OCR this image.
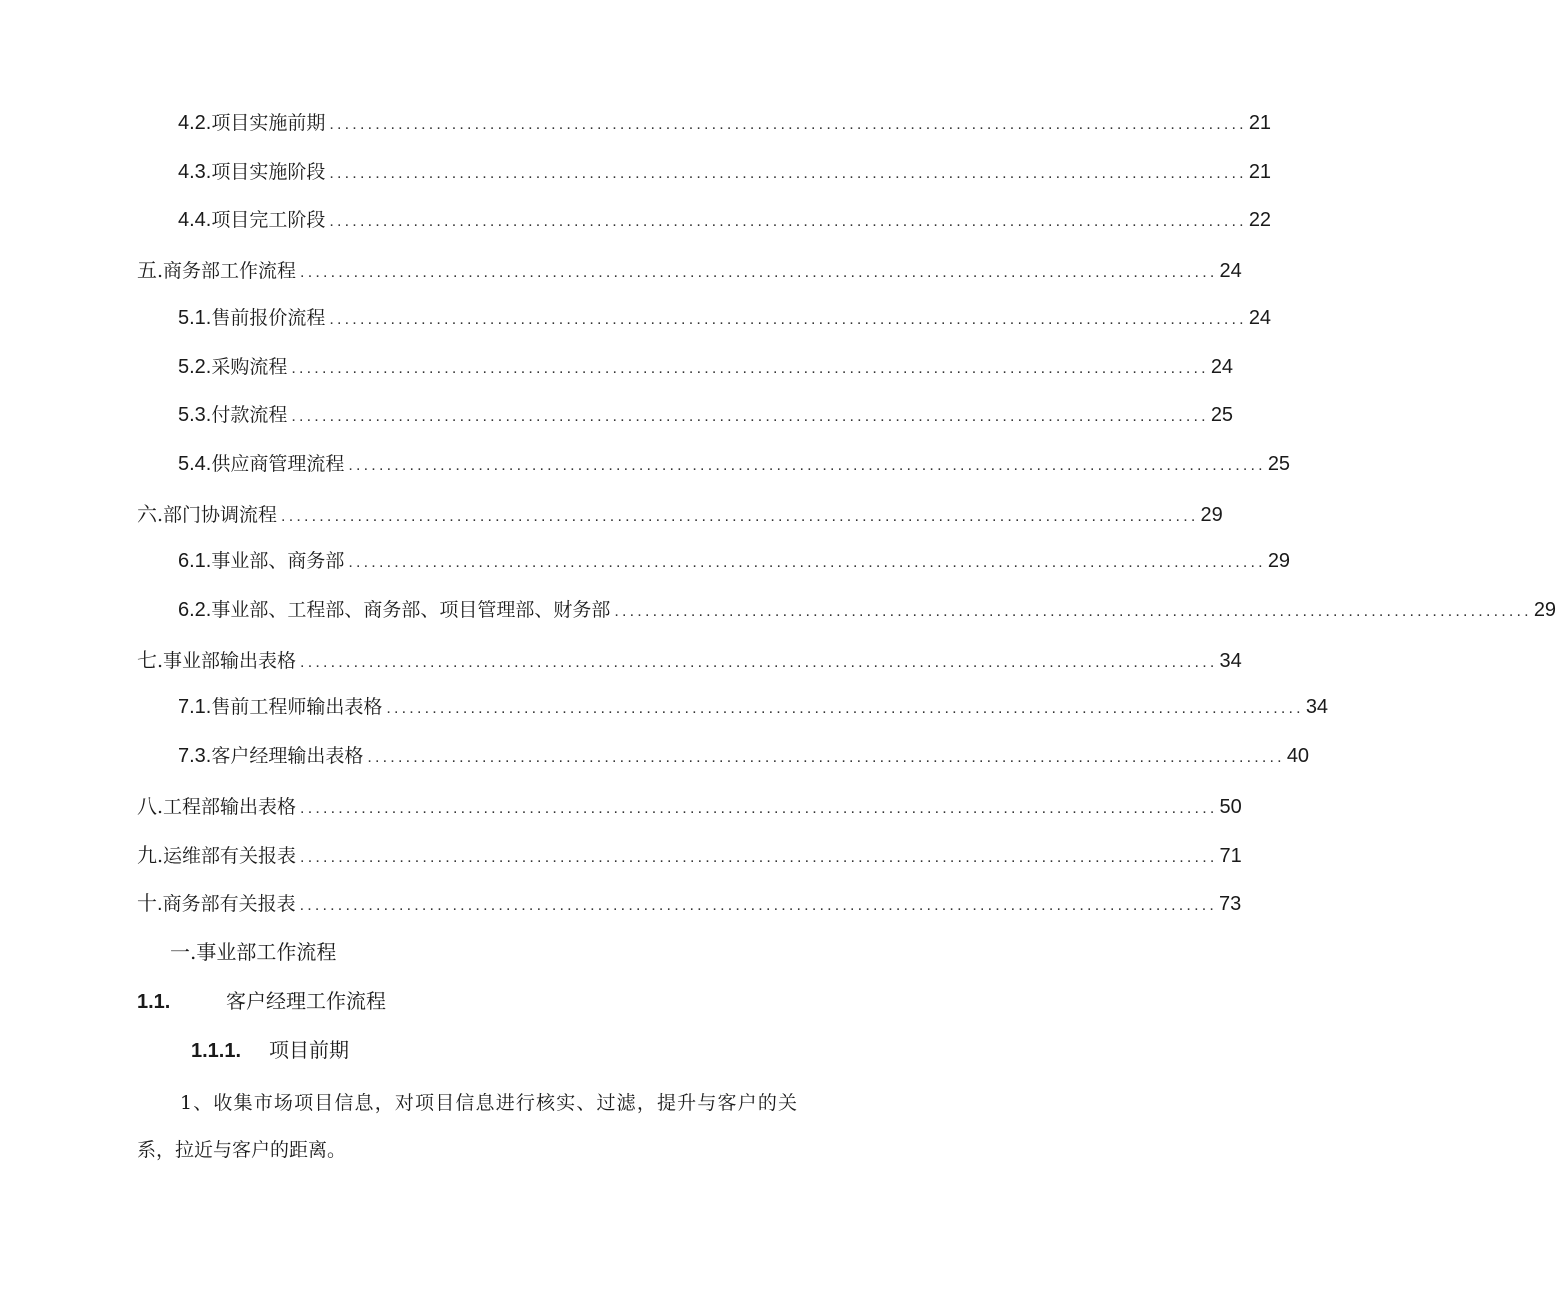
4.2. 项目实施前期 ........................................................................................................................ 21
4.3. 项目实施阶段 ........................................................................................................................ 21
4.4. 项目完工阶段 ........................................................................................................................ 22
五 .商务部工作流程 ........................................................................................................................ 24
5.1. 售前报价流程 ........................................................................................................................ 24
5.2. 采购流程 ........................................................................................................................ 24
5.3. 付款流程 ........................................................................................................................ 25
5.4. 供应商管理流程 ........................................................................................................................ 25
六 .部门协调流程 ........................................................................................................................ 29
6.1. 事业部、商务部 ........................................................................................................................ 29
6.2. 事业部、工程部、商务部、项目管理部、财务部 ........................................................................................................................ 29
七 .事业部输出表格 ........................................................................................................................ 34
7.1. 售前工程师输出表格 ........................................................................................................................ 34
7.3. 客户经理输出表格 ........................................................................................................................ 40
八 .工程部输出表格 ........................................................................................................................ 50
九 .运维部有关报表 ........................................................................................................................ 71
十. 商务部有关报表 ........................................................................................................................ 73
一.事业部工作流程
1.1.	客户经理工作流程
1.1.1. 项目前期
1、收集市场项目信息，对项目信息进行核实、过滤，提升与客户的关系，拉近与客户的距离。
